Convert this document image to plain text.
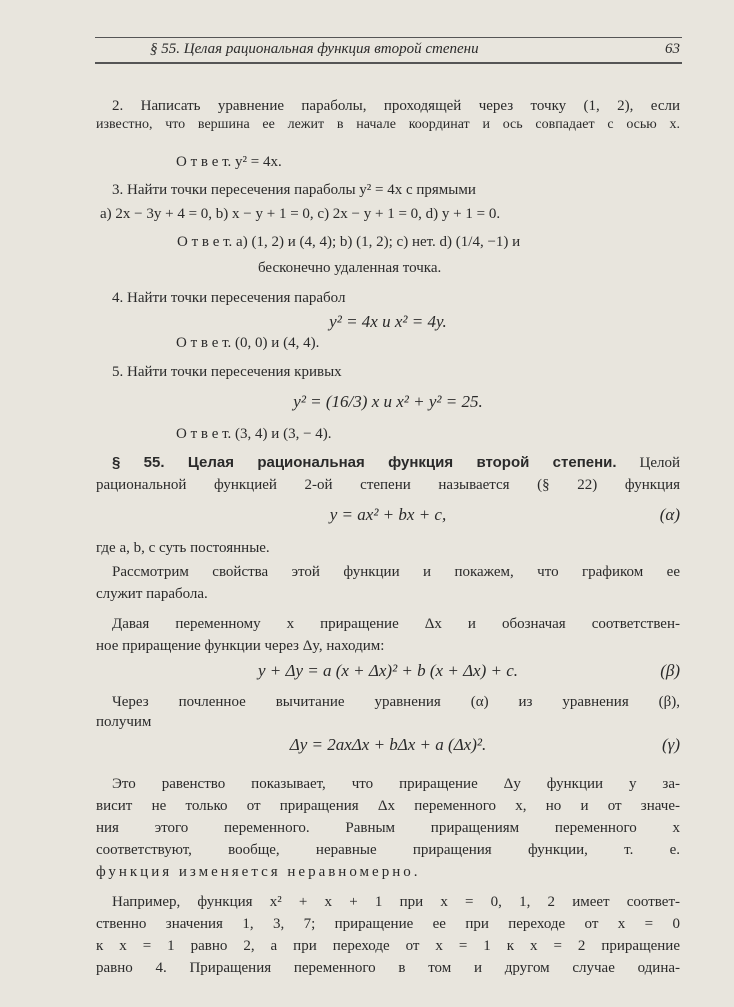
§ 55. Целая рациональная функция второй степени	63
2. Написать уравнение параболы, проходящей через точку (1, 2), если
известно, что вершина ее лежит в начале координат и ось совпадает с осью x.
О т в е т. y² = 4x.
3. Найти точки пересечения параболы y² = 4x с прямыми
a) 2x − 3y + 4 = 0, b) x − y + 1 = 0, c) 2x − y + 1 = 0, d) y + 1 = 0.
О т в е т. a) (1, 2) и (4, 4); b) (1, 2); c) нет. d) (1/4, −1) и
бесконечно удаленная точка.
4. Найти точки пересечения парабол
y² = 4x и x² = 4y.
О т в е т. (0, 0) и (4, 4).
5. Найти точки пересечения кривых
y² = (16/3) x и x² + y² = 25.
О т в е т. (3, 4) и (3, − 4).
§ 55. Целая рациональная функция второй степени. Целой
рациональной функцией 2-ой степени называется (§ 22) функция
y = ax² + bx + c,	(α)
где a, b, c суть постоянные.
Рассмотрим свойства этой функции и покажем, что графиком ее
служит парабола.
Давая переменному x приращение Δx и обозначая соответствен-
ное приращение функции через Δy, находим:
y + Δy = a (x + Δx)² + b (x + Δx) + c.	(β)
Через почленное вычитание уравнения (α) из уравнения (β),
получим
Δy = 2axΔx + bΔx + a (Δx)².	(γ)
Это равенство показывает, что приращение Δy функции y за-
висит не только от приращения Δx переменного x, но и от значе-
ния этого переменного. Равным приращениям переменного x
соответствуют, вообще, неравные приращения функции, т. е.
функция изменяется неравномерно.
Например, функция x² + x + 1 при x = 0, 1, 2 имеет соответ-
ственно значения 1, 3, 7; приращение ее при переходе от x = 0
к x = 1 равно 2, а при переходе от x = 1 к x = 2 приращение
равно 4. Приращения переменного в том и другом случае одина-
